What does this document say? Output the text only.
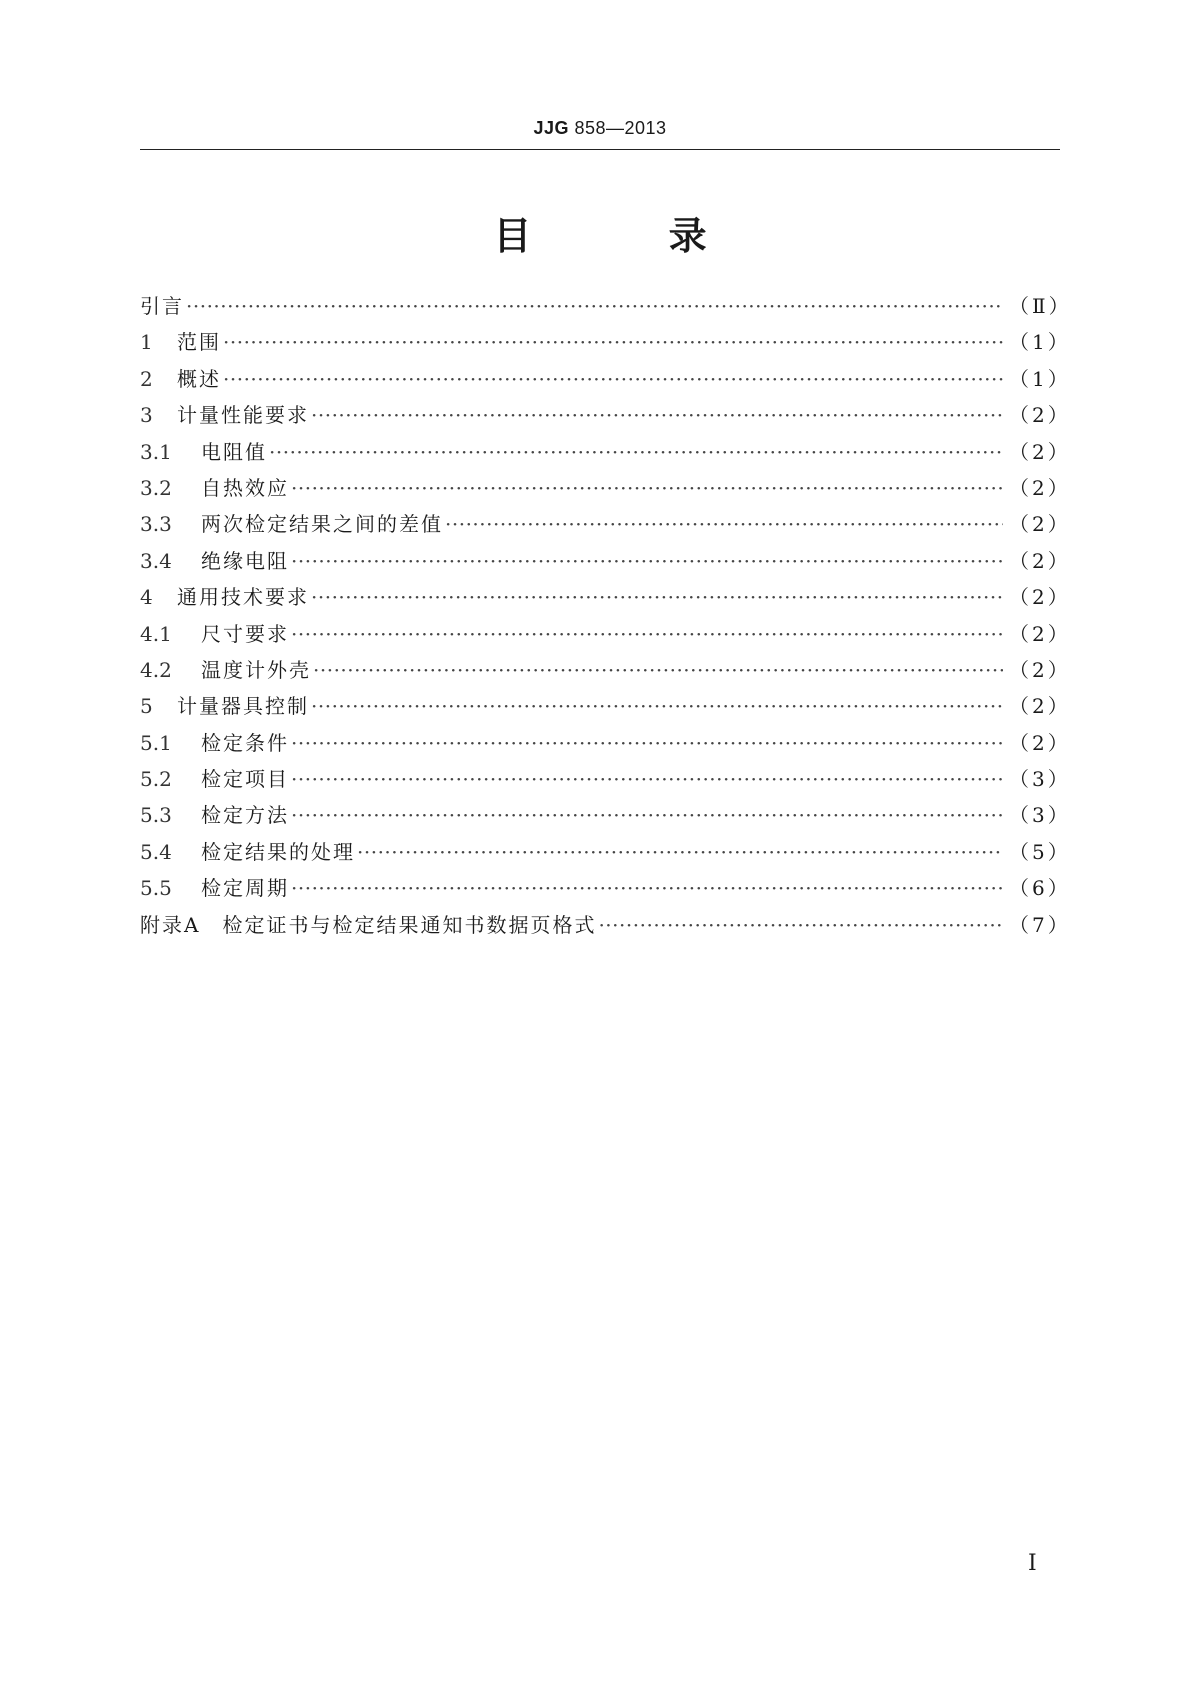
JJG 858—2013
目 录
引言 ·····	（Ⅱ）
1	范围 ·····	（1）
2	概述 ·····	（1）
3	计量性能要求 ·····	（2）
3.1	电阻值 ·····	（2）
3.2	自热效应 ·····	（2）
3.3	两次检定结果之间的差值 ·····	（2）
3.4	绝缘电阻 ·····	（2）
4	通用技术要求 ·····	（2）
4.1	尺寸要求 ·····	（2）
4.2	温度计外壳 ·····	（2）
5	计量器具控制 ·····	（2）
5.1	检定条件 ·····	（2）
5.2	检定项目 ·····	（3）
5.3	检定方法 ·····	（3）
5.4	检定结果的处理 ·····	（5）
5.5	检定周期 ·····	（6）
附录A　检定证书与检定结果通知书数据页格式 ·····	（7）
Ⅰ
